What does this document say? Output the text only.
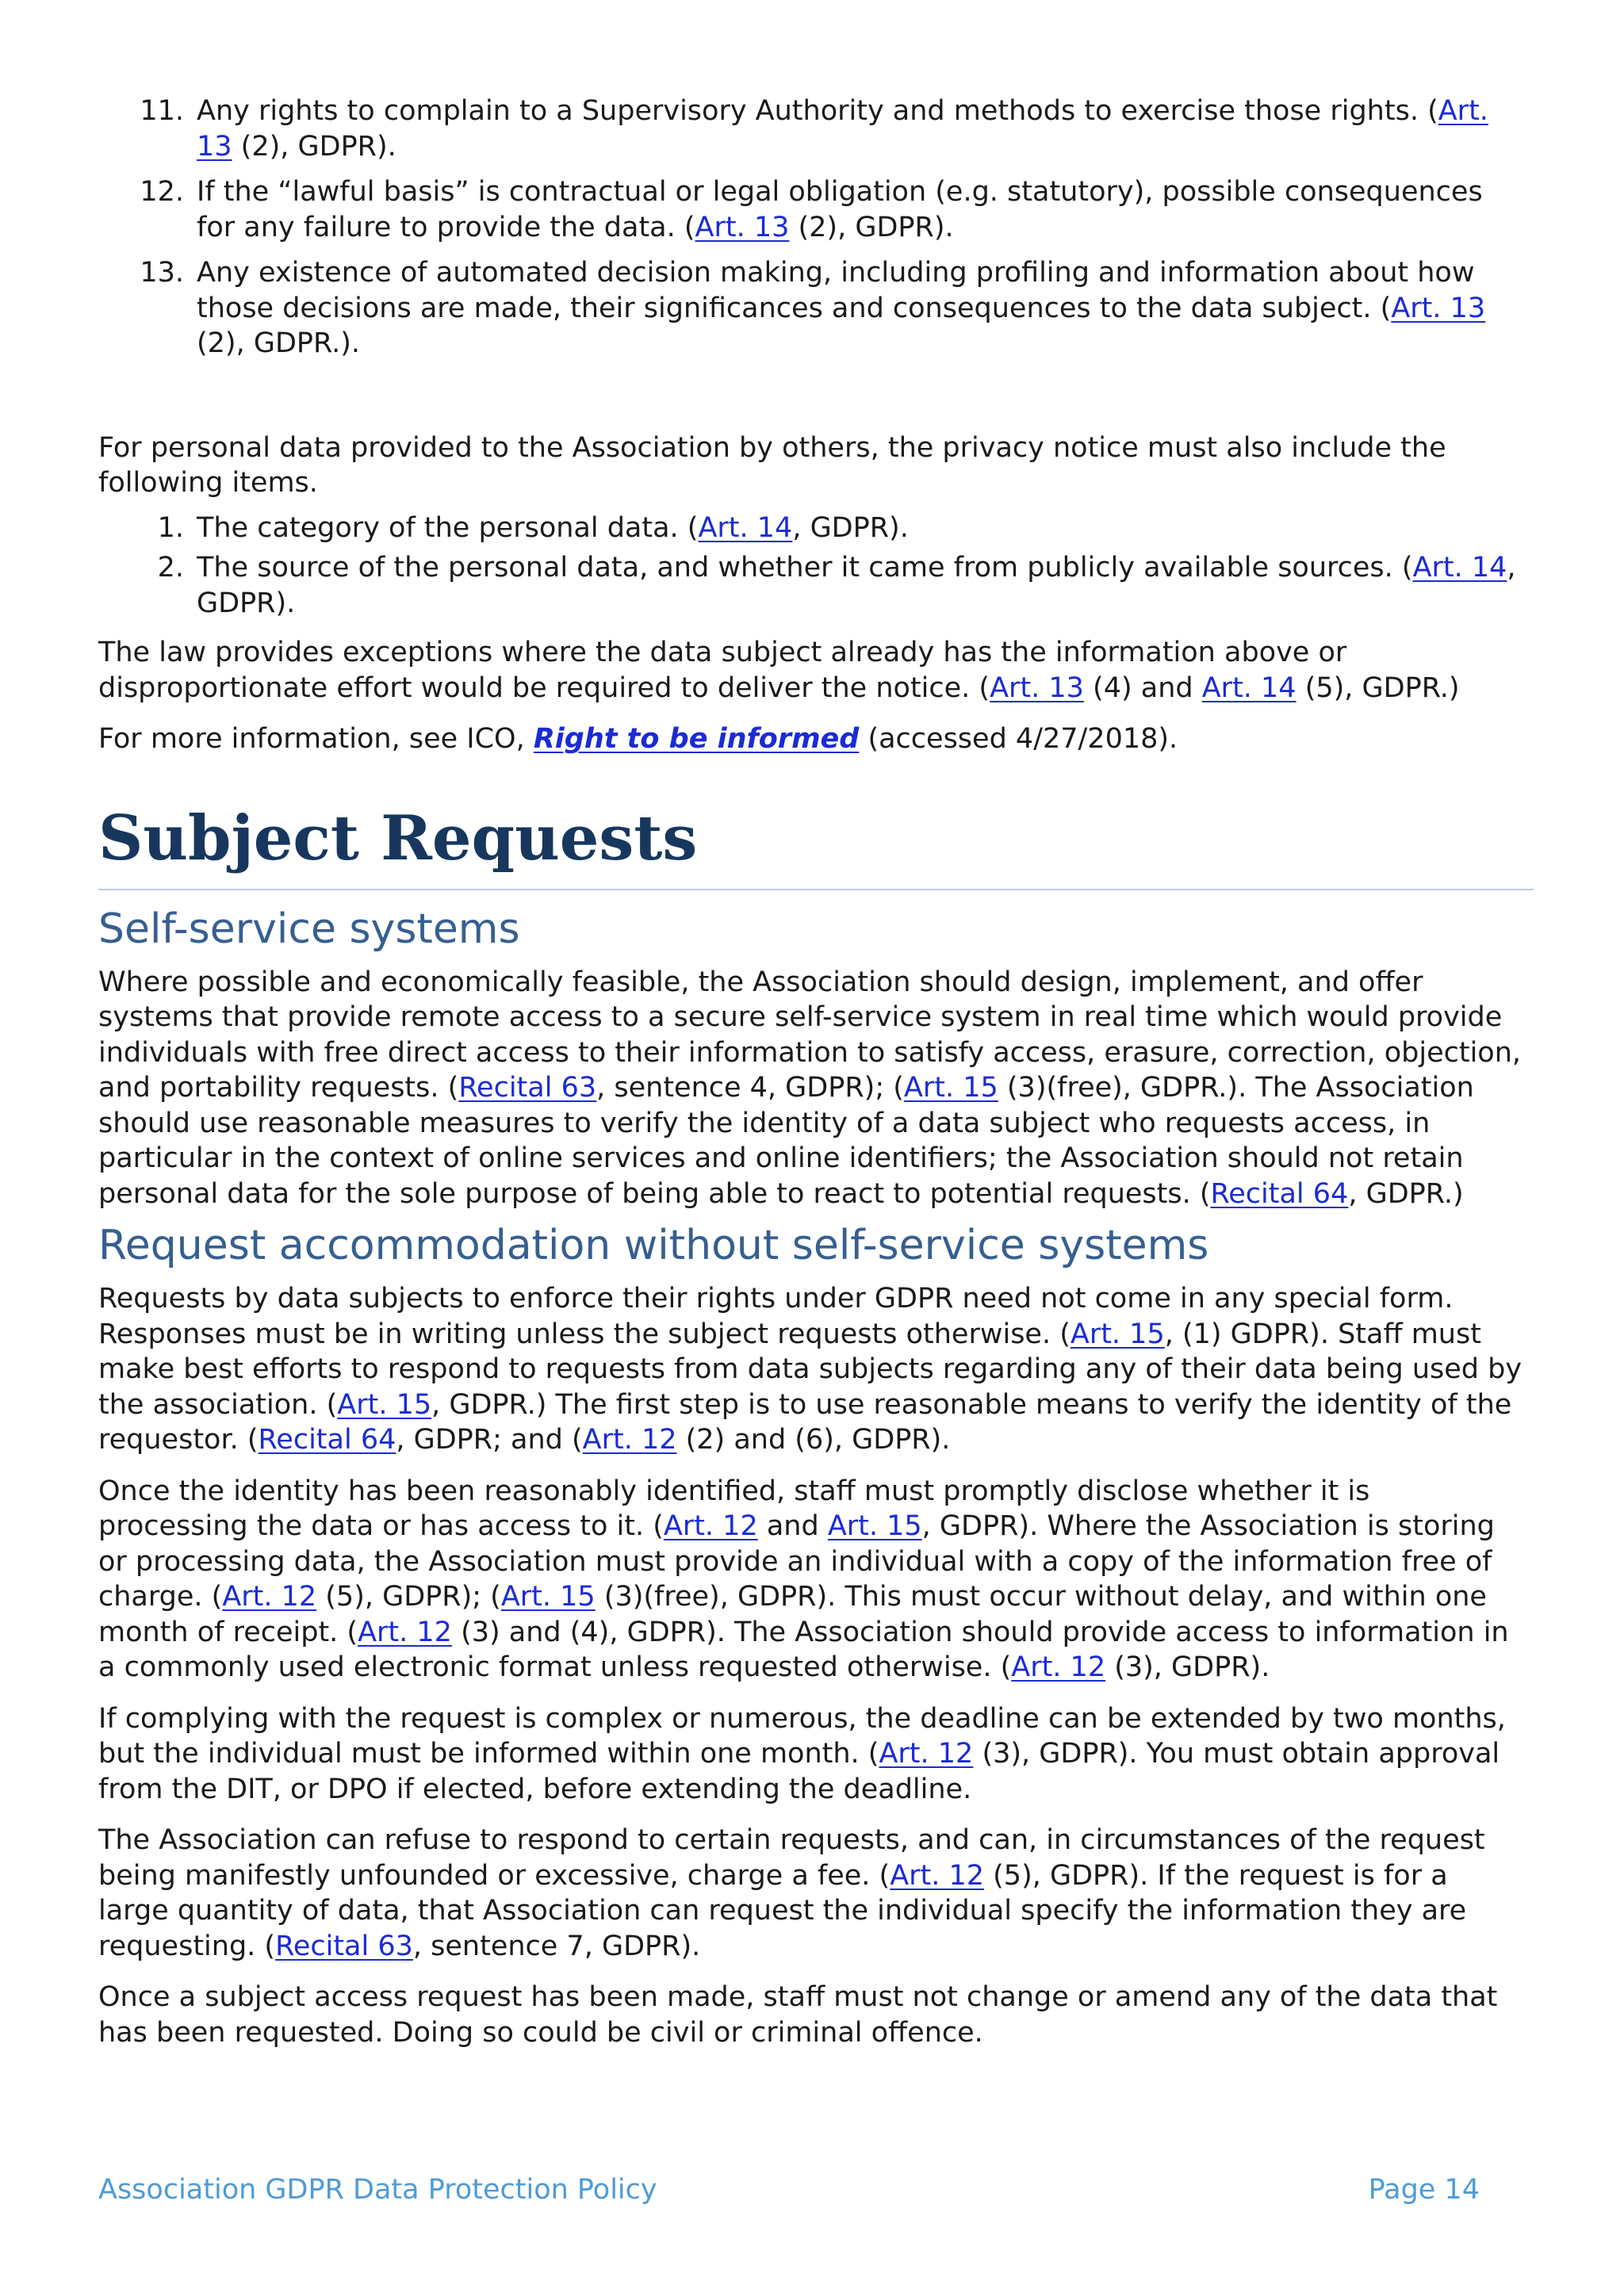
11. Any rights to complain to a Supervisory Authority and methods to exercise those rights. (Art. 13 (2), GDPR).
12. If the “lawful basis” is contractual or legal obligation (e.g. statutory), possible consequences for any failure to provide the data. (Art. 13 (2), GDPR).
13. Any existence of automated decision making, including profiling and information about how those decisions are made, their significances and consequences to the data subject. (Art. 13 (2), GDPR.).

For personal data provided to the Association by others, the privacy notice must also include the following items.

1. The category of the personal data. (Art. 14, GDPR).
2. The source of the personal data, and whether it came from publicly available sources. (Art. 14, GDPR).

The law provides exceptions where the data subject already has the information above or disproportionate effort would be required to deliver the notice. (Art. 13 (4) and Art. 14 (5), GDPR.)

For more information, see ICO, Right to be informed (accessed 4/27/2018).

Subject Requests
Self-service systems

Where possible and economically feasible, the Association should design, implement, and offer systems that provide remote access to a secure self-service system in real time which would provide individuals with free direct access to their information to satisfy access, erasure, correction, objection, and portability requests. (Recital 63, sentence 4, GDPR); (Art. 15 (3)(free), GDPR.). The Association should use reasonable measures to verify the identity of a data subject who requests access, in particular in the context of online services and online identifiers; the Association should not retain personal data for the sole purpose of being able to react to potential requests. (Recital 64, GDPR.)

Request accommodation without self-service systems

Requests by data subjects to enforce their rights under GDPR need not come in any special form. Responses must be in writing unless the subject requests otherwise. (Art. 15, (1) GDPR). Staff must make best efforts to respond to requests from data subjects regarding any of their data being used by the association. (Art. 15, GDPR.) The first step is to use reasonable means to verify the identity of the requestor. (Recital 64, GDPR; and (Art. 12 (2) and (6), GDPR).

Once the identity has been reasonably identified, staff must promptly disclose whether it is processing the data or has access to it. (Art. 12 and Art. 15, GDPR). Where the Association is storing or processing data, the Association must provide an individual with a copy of the information free of charge. (Art. 12 (5), GDPR); (Art. 15 (3)(free), GDPR). This must occur without delay, and within one month of receipt. (Art. 12 (3) and (4), GDPR). The Association should provide access to information in a commonly used electronic format unless requested otherwise. (Art. 12 (3), GDPR).

If complying with the request is complex or numerous, the deadline can be extended by two months, but the individual must be informed within one month. (Art. 12 (3), GDPR). You must obtain approval from the DIT, or DPO if elected, before extending the deadline.

The Association can refuse to respond to certain requests, and can, in circumstances of the request being manifestly unfounded or excessive, charge a fee. (Art. 12 (5), GDPR). If the request is for a large quantity of data, that Association can request the individual specify the information they are requesting. (Recital 63, sentence 7, GDPR).

Once a subject access request has been made, staff must not change or amend any of the data that has been requested. Doing so could be civil or criminal offence.

Association GDPR Data Protection Policy	Page 14
